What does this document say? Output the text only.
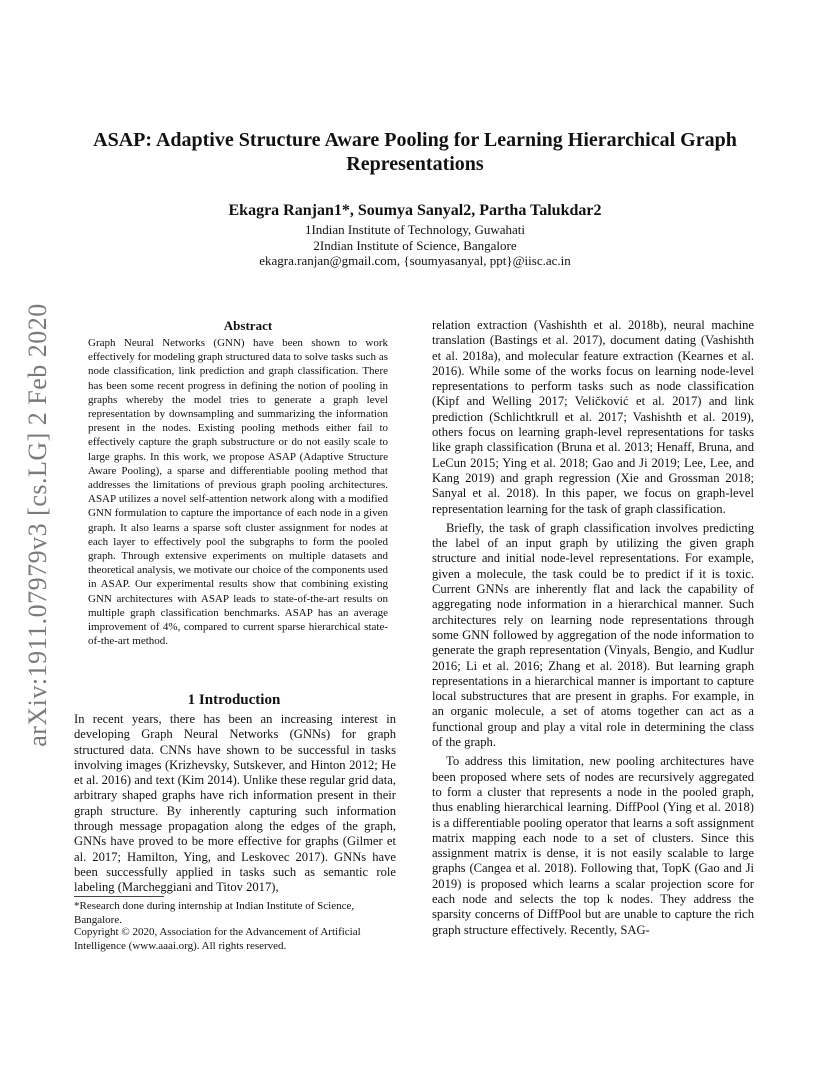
arXiv:1911.07979v3 [cs.LG] 2 Feb 2020
ASAP: Adaptive Structure Aware Pooling for Learning Hierarchical Graph
Representations
Ekagra Ranjan1*, Soumya Sanyal2, Partha Talukdar2
1Indian Institute of Technology, Guwahati
2Indian Institute of Science, Bangalore
ekagra.ranjan@gmail.com, {soumyasanyal, ppt}@iisc.ac.in
Abstract

Graph Neural Networks (GNN) have been shown to work effectively for modeling graph structured data to solve tasks such as node classification, link prediction and graph classification. There has been some recent progress in defining the notion of pooling in graphs whereby the model tries to generate a graph level representation by downsampling and summarizing the information present in the nodes. Existing pooling methods either fail to effectively capture the graph substructure or do not easily scale to large graphs. In this work, we propose ASAP (Adaptive Structure Aware Pooling), a sparse and differentiable pooling method that addresses the limitations of previous graph pooling architectures. ASAP utilizes a novel self-attention network along with a modified GNN formulation to capture the importance of each node in a given graph. It also learns a sparse soft cluster assignment for nodes at each layer to effectively pool the subgraphs to form the pooled graph. Through extensive experiments on multiple datasets and theoretical analysis, we motivate our choice of the components used in ASAP. Our experimental results show that combining existing GNN architectures with ASAP leads to state-of-the-art results on multiple graph classification benchmarks. ASAP has an average improvement of 4%, compared to current sparse hierarchical state-of-the-art method.

1 Introduction

In recent years, there has been an increasing interest in developing Graph Neural Networks (GNNs) for graph structured data. CNNs have shown to be successful in tasks involving images (Krizhevsky, Sutskever, and Hinton 2012; He et al. 2016) and text (Kim 2014). Unlike these regular grid data, arbitrary shaped graphs have rich information present in their graph structure. By inherently capturing such information through message propagation along the edges of the graph, GNNs have proved to be more effective for graphs (Gilmer et al. 2017; Hamilton, Ying, and Leskovec 2017). GNNs have been successfully applied in tasks such as semantic role labeling (Marcheggiani and Titov 2017),

relation extraction (Vashishth et al. 2018b), neural machine translation (Bastings et al. 2017), document dating (Vashishth et al. 2018a), and molecular feature extraction (Kearnes et al. 2016). While some of the works focus on learning node-level representations to perform tasks such as node classification (Kipf and Welling 2017; Veličković et al. 2017) and link prediction (Schlichtkrull et al. 2017; Vashishth et al. 2019), others focus on learning graph-level representations for tasks like graph classification (Bruna et al. 2013; Henaff, Bruna, and LeCun 2015; Ying et al. 2018; Gao and Ji 2019; Lee, Lee, and Kang 2019) and graph regression (Xie and Grossman 2018; Sanyal et al. 2018). In this paper, we focus on graph-level representation learning for the task of graph classification.

Briefly, the task of graph classification involves predicting the label of an input graph by utilizing the given graph structure and initial node-level representations. For example, given a molecule, the task could be to predict if it is toxic. Current GNNs are inherently flat and lack the capability of aggregating node information in a hierarchical manner. Such architectures rely on learning node representations through some GNN followed by aggregation of the node information to generate the graph representation (Vinyals, Bengio, and Kudlur 2016; Li et al. 2016; Zhang et al. 2018). But learning graph representations in a hierarchical manner is important to capture local substructures that are present in graphs. For example, in an organic molecule, a set of atoms together can act as a functional group and play a vital role in determining the class of the graph.

To address this limitation, new pooling architectures have been proposed where sets of nodes are recursively aggregated to form a cluster that represents a node in the pooled graph, thus enabling hierarchical learning. DiffPool (Ying et al. 2018) is a differentiable pooling operator that learns a soft assignment matrix mapping each node to a set of clusters. Since this assignment matrix is dense, it is not easily scalable to large graphs (Cangea et al. 2018). Following that, TopK (Gao and Ji 2019) is proposed which learns a scalar projection score for each node and selects the top k nodes. They address the sparsity concerns of DiffPool but are unable to capture the rich graph structure effectively. Recently, SAG-

*Research done during internship at Indian Institute of Science, Bangalore.

Copyright © 2020, Association for the Advancement of Artificial Intelligence (www.aaai.org). All rights reserved.
